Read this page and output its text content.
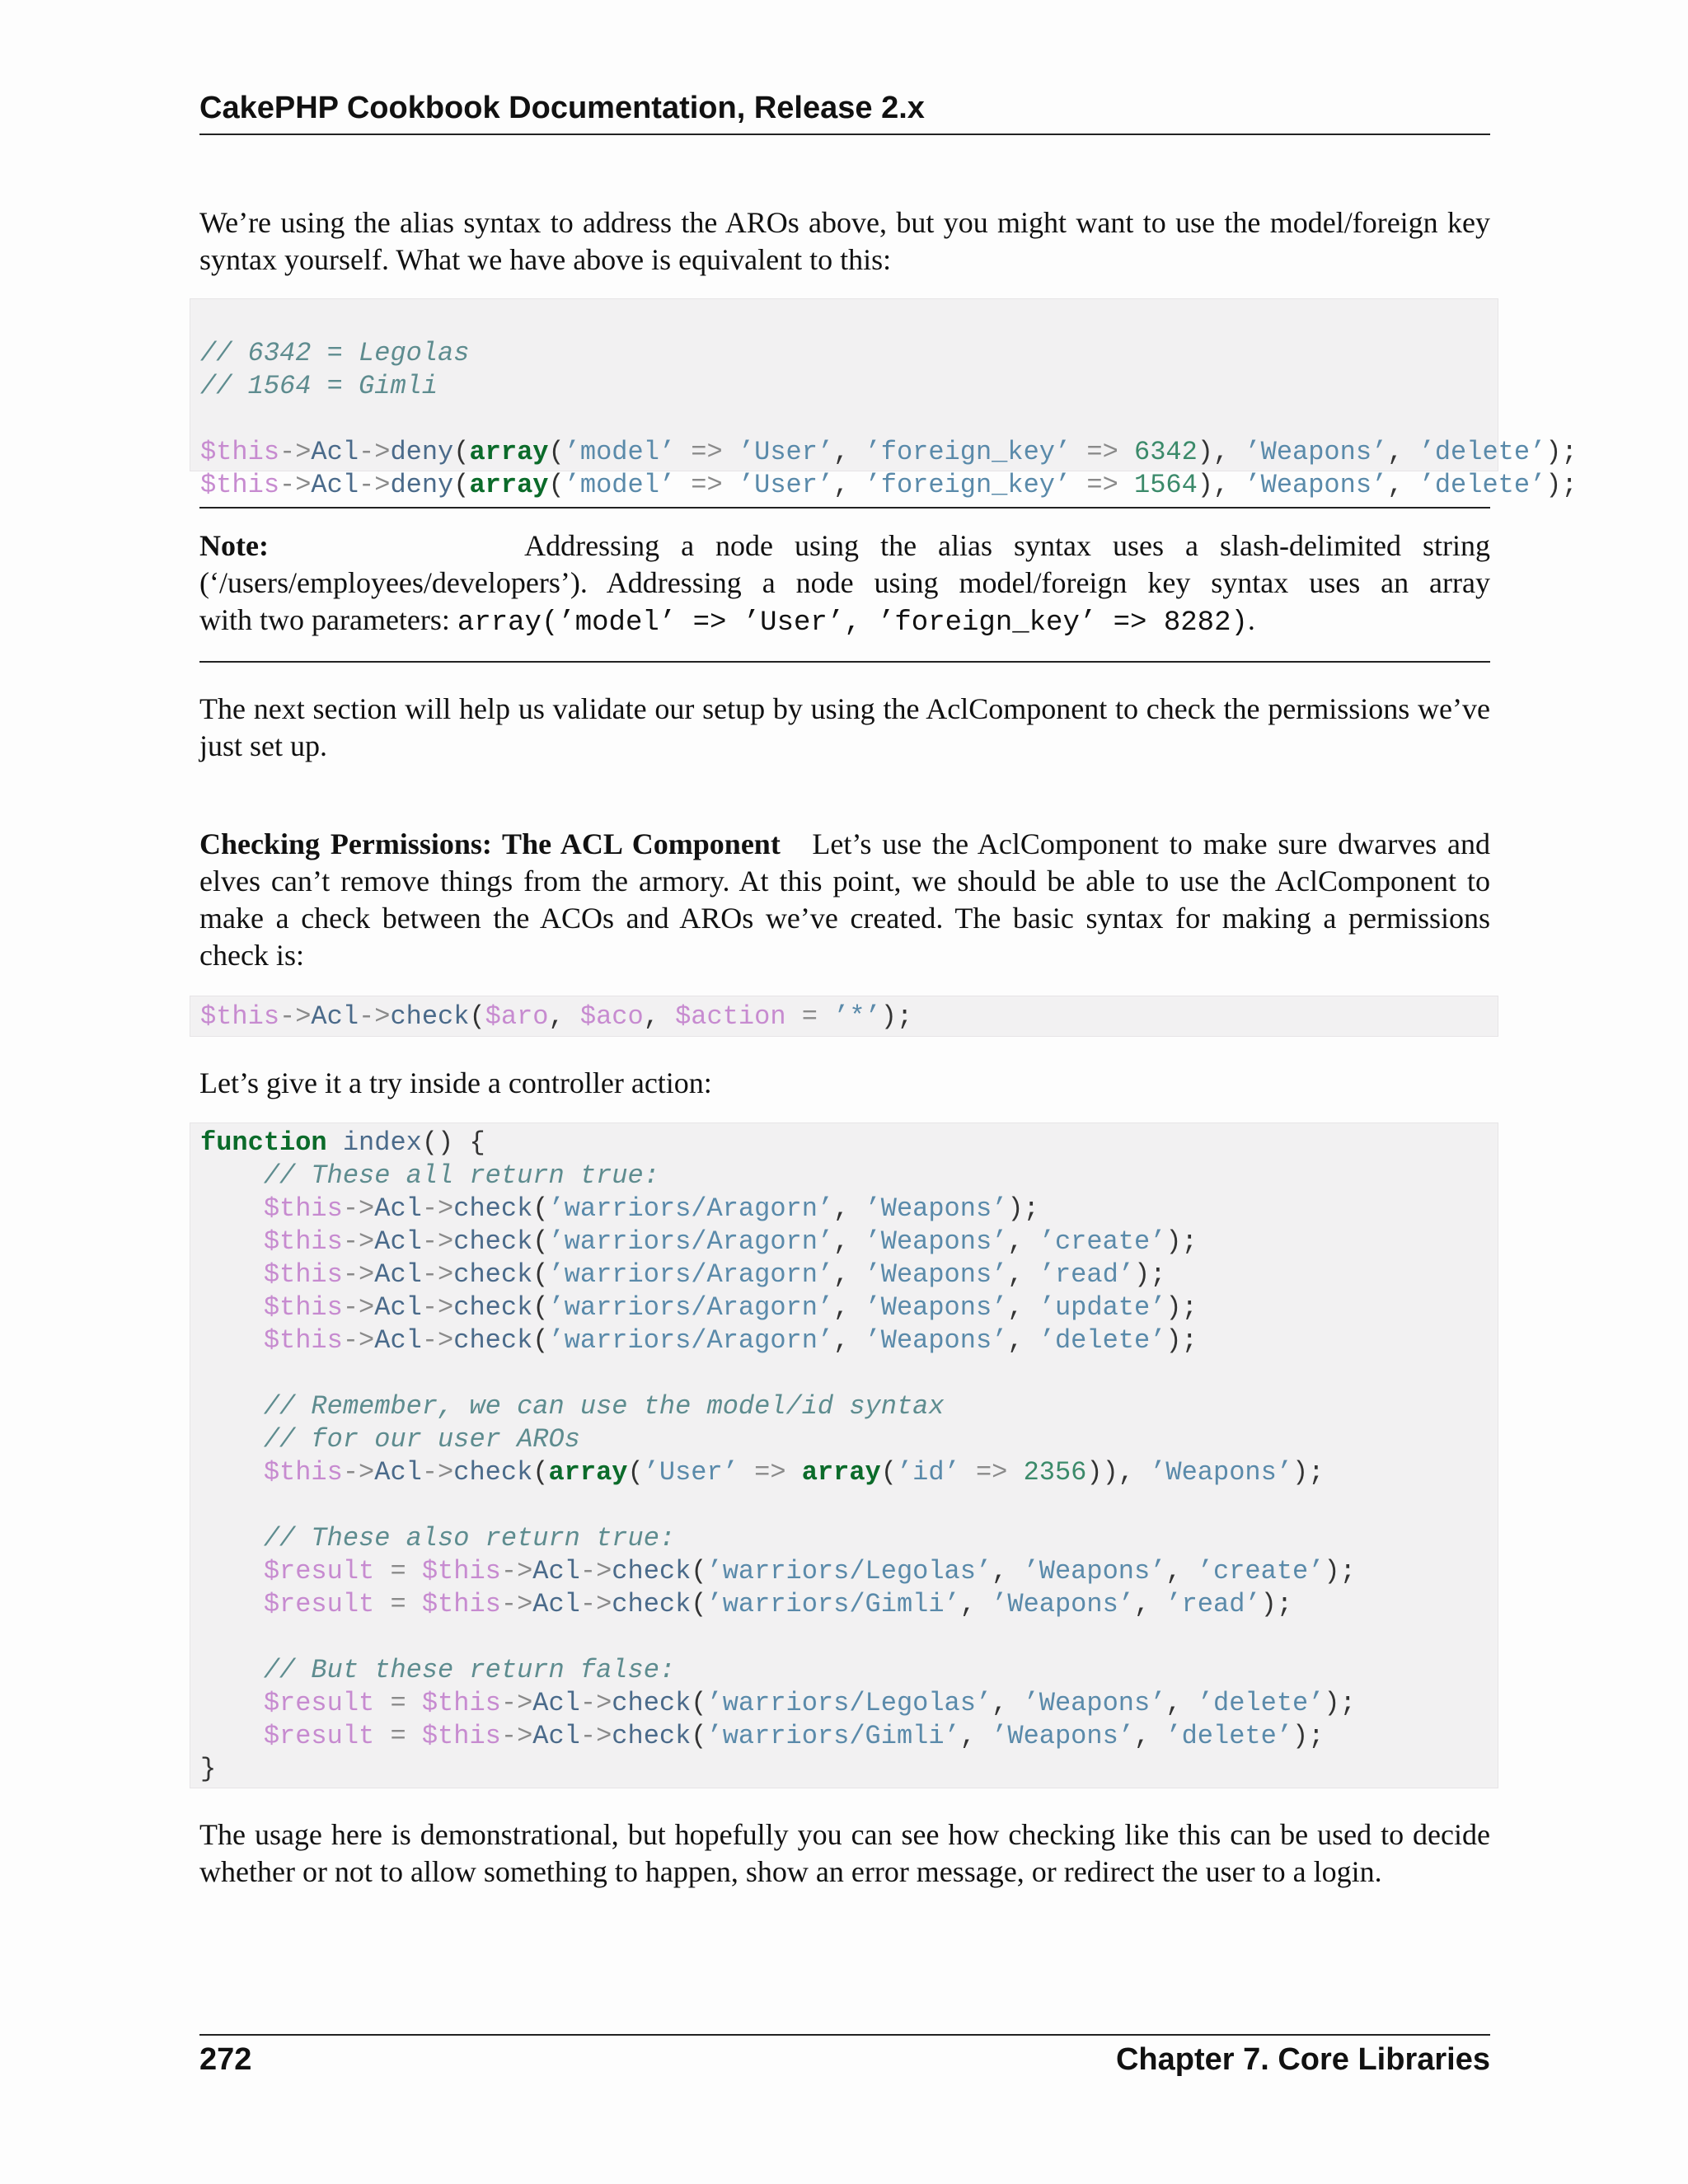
CakePHP Cookbook Documentation, Release 2.x

We’re using the alias syntax to address the AROs above, but you might want to use the model/foreign key syntax yourself. What we have above is equivalent to this:

// 6342 = Legolas
// 1564 = Gimli
$this->Acl->deny(array(’model’ => ’User’, ’foreign_key’ => 6342), ’Weapons’, ’delete’);
$this->Acl->deny(array(’model’ => ’User’, ’foreign_key’ => 1564), ’Weapons’, ’delete’);
Note:	Addressing a node using the alias syntax uses a slash-delimited string
(‘/users/employees/developers’). Addressing a node using model/foreign key syntax uses an array
with two parameters: array(’model’ => ’User’, ’foreign_key’ => 8282).

The next section will help us validate our setup by using the AclComponent to check the permissions we’ve just set up.

Checking Permissions: The ACL Component Let’s use the AclComponent to make sure dwarves and elves can’t remove things from the armory. At this point, we should be able to use the AclComponent to make a check between the ACOs and AROs we’ve created. The basic syntax for making a permissions check is:

$this->Acl->check($aro, $aco, $action = ’*’);

Let’s give it a try inside a controller action:

function index() {
// These all return true:
$this->Acl->check(’warriors/Aragorn’, ’Weapons’);
$this->Acl->check(’warriors/Aragorn’, ’Weapons’, ’create’);
$this->Acl->check(’warriors/Aragorn’, ’Weapons’, ’read’);
$this->Acl->check(’warriors/Aragorn’, ’Weapons’, ’update’);
$this->Acl->check(’warriors/Aragorn’, ’Weapons’, ’delete’);
// Remember, we can use the model/id syntax
// for our user AROs
$this->Acl->check(array(’User’ => array(’id’ => 2356)), ’Weapons’);
// These also return true:
$result = $this->Acl->check(’warriors/Legolas’, ’Weapons’, ’create’);
$result = $this->Acl->check(’warriors/Gimli’, ’Weapons’, ’read’);
// But these return false:
$result = $this->Acl->check(’warriors/Legolas’, ’Weapons’, ’delete’);
$result = $this->Acl->check(’warriors/Gimli’, ’Weapons’, ’delete’);
}

The usage here is demonstrational, but hopefully you can see how checking like this can be used to decide whether or not to allow something to happen, show an error message, or redirect the user to a login.

272	Chapter 7. Core Libraries
